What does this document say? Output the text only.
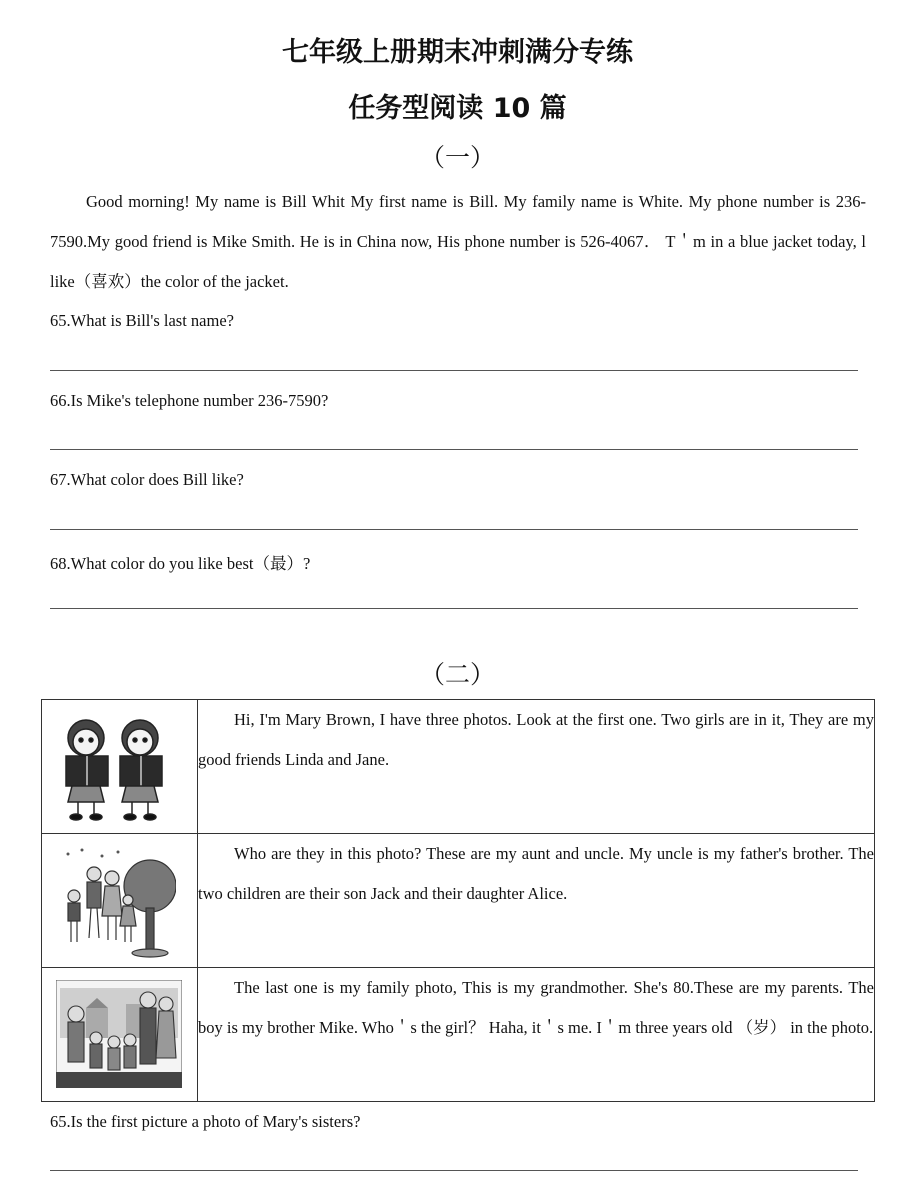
七年级上册期末冲刺满分专练
任务型阅读 10 篇
（一）

Good morning! My name is Bill Whit My first name is Bill. My family name is White. My phone number is 236-7590.My good friend is Mike Smith. He is in China now, His phone number is 526-4067． T＇m in a blue jacket today, l like（喜欢）the color of the jacket.

65.What is Bill's last name?
66.Is Mike's telephone number 236-7590?
67.What color does Bill like?
68.What color do you like best（最）?
（二）
	Hi, I'm Mary Brown, I have three photos. Look at the first one. Two girls are in it, They are my good friends Linda and Jane.

	Who are they in this photo? These are my aunt and uncle. My uncle is my father's brother. The two children are their son Jack and their daughter Alice.

	The last one is my family photo, This is my grandmother. She's 80.These are my parents. The boy is my brother Mike. Who＇s the girl？ Haha, it＇s me. I＇m three years old （岁） in the photo.
65.Is the first picture a photo of Mary's sisters?
